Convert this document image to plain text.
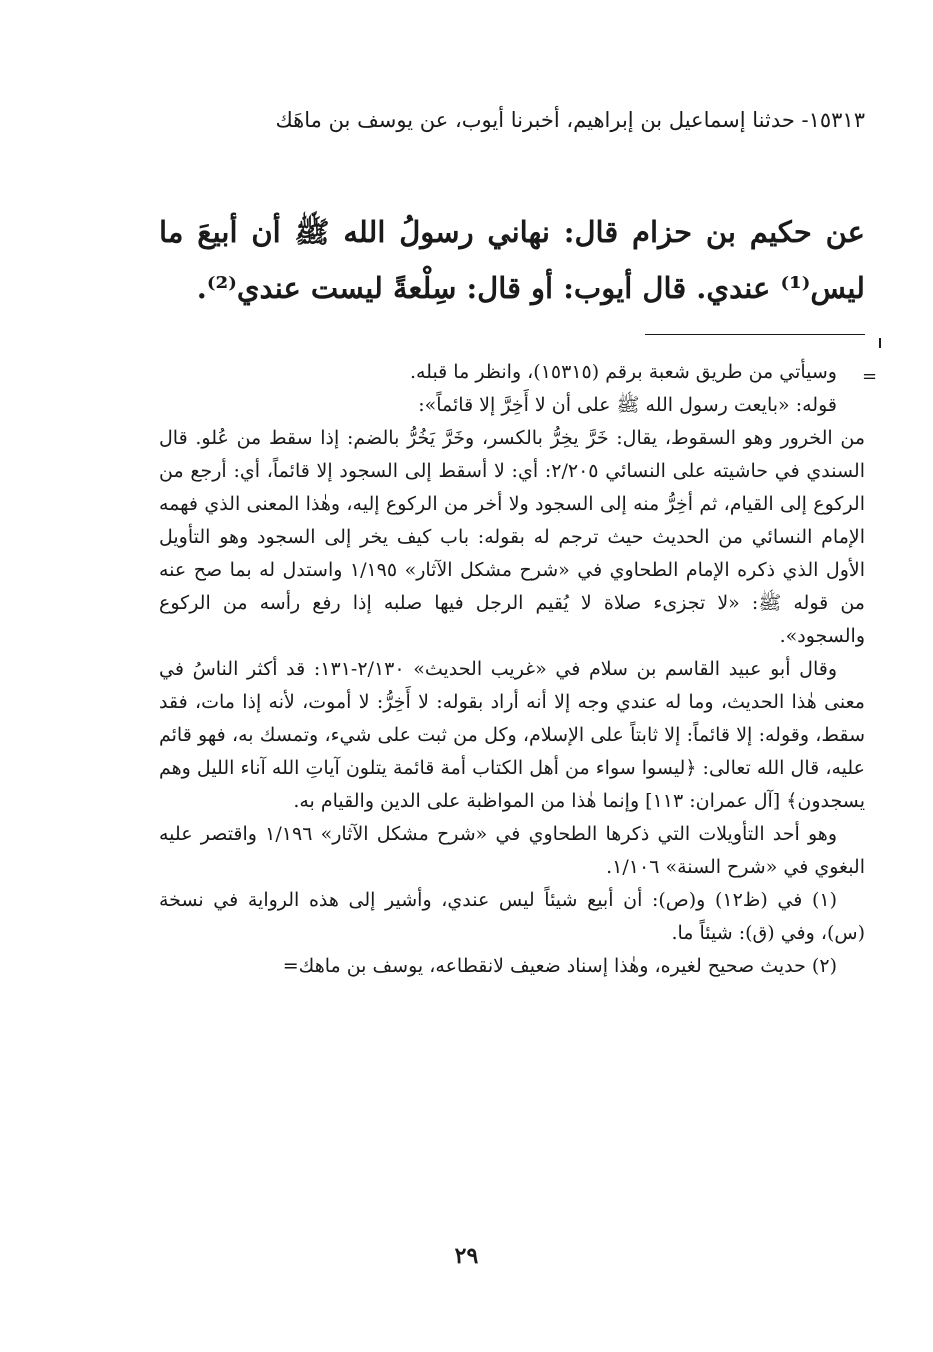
١٥٣١٣- حدثنا إسماعيل بن إبراهيم، أخبرنا أيوب، عن يوسف بن ماهَك
عن حكيم بن حزام قال: نهاني رسولُ الله ﷺ أن أبيعَ ما ليس⁽¹⁾ عندي. قال أيوب: أو قال: سِلْعةً ليست عندي⁽²⁾.
=

وسيأتي من طريق شعبة برقم (١٥٣١٥)، وانظر ما قبله.

قوله: «بايعت رسول الله ﷺ على أن لا أَخِرَّ إلا قائماً»:

من الخرور وهو السقوط، يقال: خَرَّ يخِرُّ بالكسر، وخَرَّ يَخُرُّ بالضم: إذا سقط من عُلو. قال السندي في حاشيته على النسائي ٢/٢٠٥: أي: لا أسقط إلى السجود إلا قائماً، أي: أرجع من الركوع إلى القيام، ثم أخِرُّ منه إلى السجود ولا أخر من الركوع إليه، وهٰذا المعنى الذي فهمه الإمام النسائي من الحديث حيث ترجم له بقوله: باب كيف يخر إلى السجود وهو التأويل الأول الذي ذكره الإمام الطحاوي في «شرح مشكل الآثار» ١/١٩٥ واستدل له بما صح عنه من قوله ﷺ: «لا تجزىء صلاة لا يُقيم الرجل فيها صلبه إذا رفع رأسه من الركوع والسجود».

وقال أبو عبيد القاسم بن سلام في «غريب الحديث» ٢/١٣٠-١٣١: قد أكثر الناسُ في معنى هٰذا الحديث، وما له عندي وجه إلا أنه أراد بقوله: لا أَخِرُّ: لا أموت، لأنه إذا مات، فقد سقط، وقوله: إلا قائماً: إلا ثابتاً على الإسلام، وكل من ثبت على شيء، وتمسك به، فهو قائم عليه، قال الله تعالى: ﴿ليسوا سواء من أهل الكتاب أمة قائمة يتلون آياتِ الله آناء الليل وهم يسجدون﴾ [آل عمران: ١١٣] وإنما هٰذا من المواظبة على الدين والقيام به.

وهو أحد التأويلات التي ذكرها الطحاوي في «شرح مشكل الآثار» ١/١٩٦ واقتصر عليه البغوي في «شرح السنة» ١/١٠٦.

(١) في (ظ١٢) و(ص): أن أبيع شيئاً ليس عندي، وأشير إلى هذه الرواية في نسخة (س)، وفي (ق): شيئاً ما.

(٢) حديث صحيح لغيره، وهٰذا إسناد ضعيف لانقطاعه، يوسف بن ماهك=

٢٩
